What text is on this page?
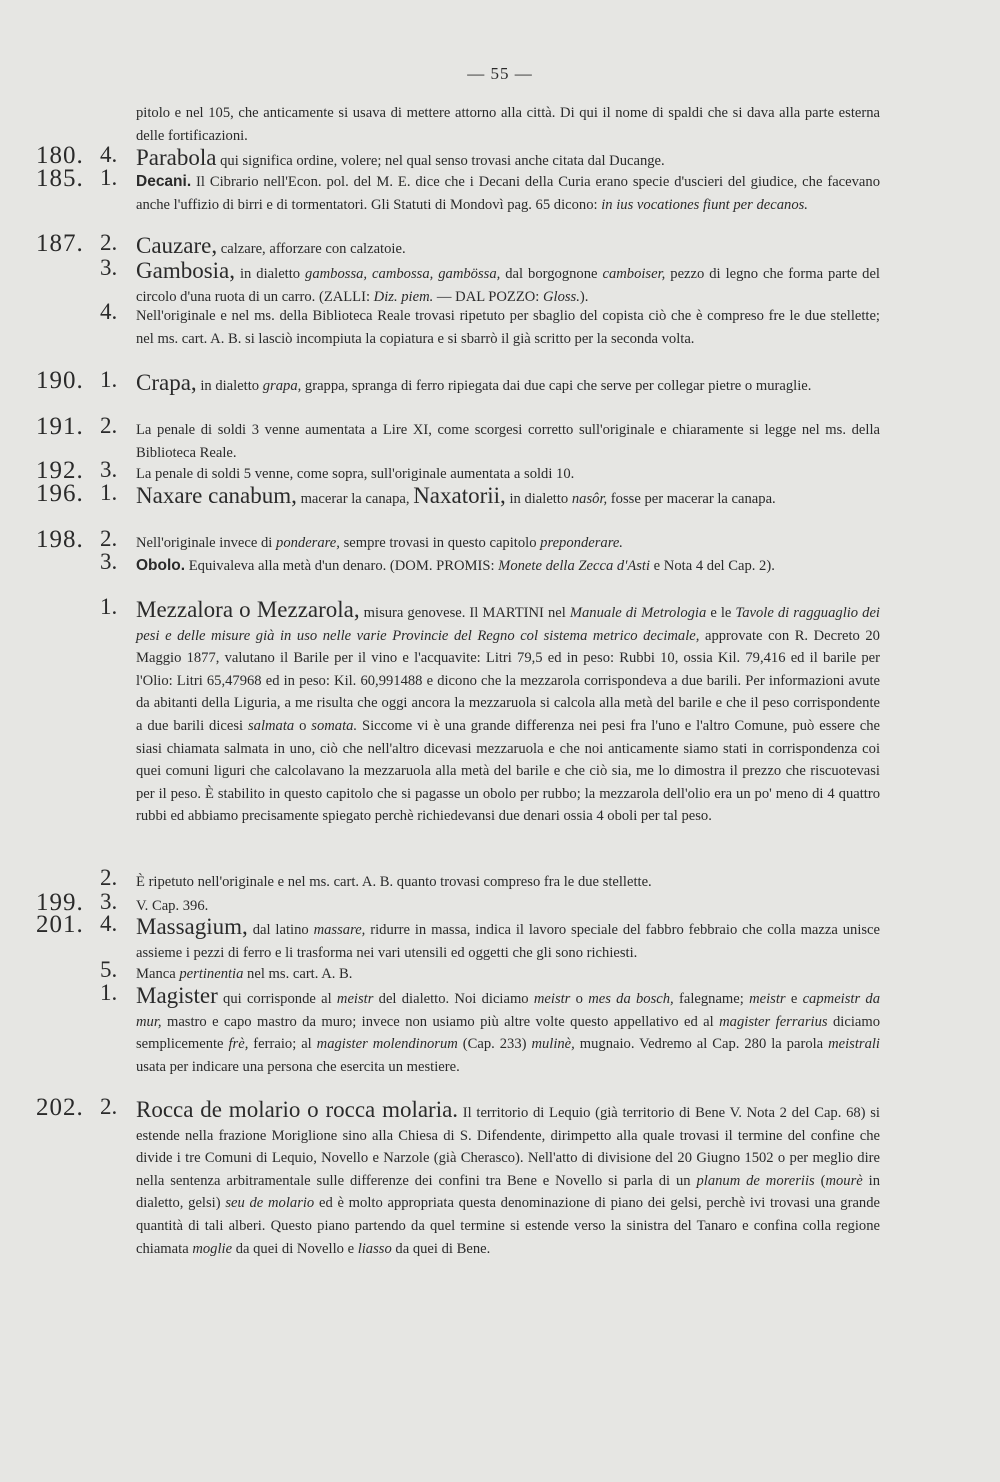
— 55 —
pitolo e nel 105, che anticamente si usava di mettere attorno alla città. Di qui il nome di spaldi che si dava alla parte esterna delle fortificazioni.
180. 4. Parabola qui significa ordine, volere; nel qual senso trovasi anche citata dal Ducange.
185. 1. Decani. Il Cibrario nell'Econ. pol. del M. E. dice che i Decani della Curia erano specie d'uscieri del giudice, che facevano anche l'uffizio di birri e di tormentatori. Gli Statuti di Mondovì pag. 65 dicono: in ius vocationes fiunt per decanos.
187. 2. Cauzare, calzare, afforzare con calzatoie.
3. Gambosia, in dialetto gambossa, cambossa, gambössa, dal borgognone camboiser, pezzo di legno che forma parte del circolo d'una ruota di un carro. (ZALLI: Diz. piem. — DAL POZZO: Gloss.).
4. Nell'originale e nel ms. della Biblioteca Reale trovasi ripetuto per sbaglio del copista ciò che è compreso fre le due stellette; nel ms. cart. A. B. si lasciò incompiuta la copiatura e si sbarrò il già scritto per la seconda volta.
190. 1. Crapa, in dialetto grapa, grappa, spranga di ferro ripiegata dai due capi che serve per collegar pietre o muraglie.
191. 2. La penale di soldi 3 venne aumentata a Lire XI, come scorgesi corretto sull'originale e chiaramente si legge nel ms. della Biblioteca Reale.
192. 3. La penale di soldi 5 venne, come sopra, sull'originale aumentata a soldi 10.
196. 1. Naxare canabum, macerar la canapa, Naxatorii, in dialetto nasôr, fosse per macerar la canapa.
198. 2. Nell'originale invece di ponderare, sempre trovasi in questo capitolo preponderare.
3. Obolo. Equivaleva alla metà d'un denaro. (DOM. PROMIS: Monete della Zecca d'Asti e Nota 4 del Cap. 2).
1. Mezzalora o Mezzarola, misura genovese. Il MARTINI nel Manuale di Metrologia e le Tavole di ragguaglio dei pesi e delle misure già in uso nelle varie Provincie del Regno col sistema metrico decimale, approvate con R. Decreto 20 Maggio 1877, valutano il Barile per il vino e l'acquavite: Litri 79,5 ed in peso: Rubbi 10, ossia Kil. 79,416 ed il barile per l'Olio: Litri 65,47968 ed in peso: Kil. 60,991488 e dicono che la mezzarola corrispondeva a due barili. Per informazioni avute da abitanti della Liguria, a me risulta che oggi ancora la mezzaruola si calcola alla metà del barile e che il peso corrispondente a due barili dicesi salmata o somata. Siccome vi è una grande differenza nei pesi fra l'uno e l'altro Comune, può essere che siasi chiamata salmata in uno, ciò che nell'altro dicevasi mezzaruola e che noi anticamente siamo stati in corrispondenza coi quei comuni liguri che calcolavano la mezzaruola alla metà del barile e che ciò sia, me lo dimostra il prezzo che riscuotevasi per il peso. È stabilito in questo capitolo che si pagasse un obolo per rubbo; la mezzarola dell'olio era un po' meno di 4 quattro rubbi ed abbiamo precisamente spiegato perchè richiedevansi due denari ossia 4 oboli per tal peso.
2. È ripetuto nell'originale e nel ms. cart. A. B. quanto trovasi compreso fra le due stellette.
199. 3. V. Cap. 396.
201. 4. Massagium, dal latino massare, ridurre in massa, indica il lavoro speciale del fabbro febbraio che colla mazza unisce assieme i pezzi di ferro e li trasforma nei vari utensili ed oggetti che gli sono richiesti.
5. Manca pertinentia nel ms. cart. A. B.
1. Magister qui corrisponde al meistr del dialetto. Noi diciamo meistr o mes da bosch, falegname; meistr e capmeistr da mur, mastro e capo mastro da muro; invece non usiamo più altre volte questo appellativo ed al magister ferrarius diciamo semplicemente frè, ferraio; al magister molendinorum (Cap. 233) mulinè, mugnaio. Vedremo al Cap. 280 la parola meistrali usata per indicare una persona che esercita un mestiere.
202. 2. Rocca de molario o rocca molaria. Il territorio di Lequio (già territorio di Bene V. Nota 2 del Cap. 68) si estende nella frazione Moriglione sino alla Chiesa di S. Difendente, dirimpetto alla quale trovasi il termine del confine che divide i tre Comuni di Lequio, Novello e Narzole (già Cherasco). Nell'atto di divisione del 20 Giugno 1502 o per meglio dire nella sentenza arbitramentale sulle differenze dei confini tra Bene e Novello si parla di un planum de moreriis (mourè in dialetto, gelsi) seu de molario ed è molto appropriata questa denominazione di piano dei gelsi, perchè ivi trovasi una grande quantità di tali alberi. Questo piano partendo da quel termine si estende verso la sinistra del Tanaro e confina colla regione chiamata moglie da quei di Novello e liasso da quei di Bene.
